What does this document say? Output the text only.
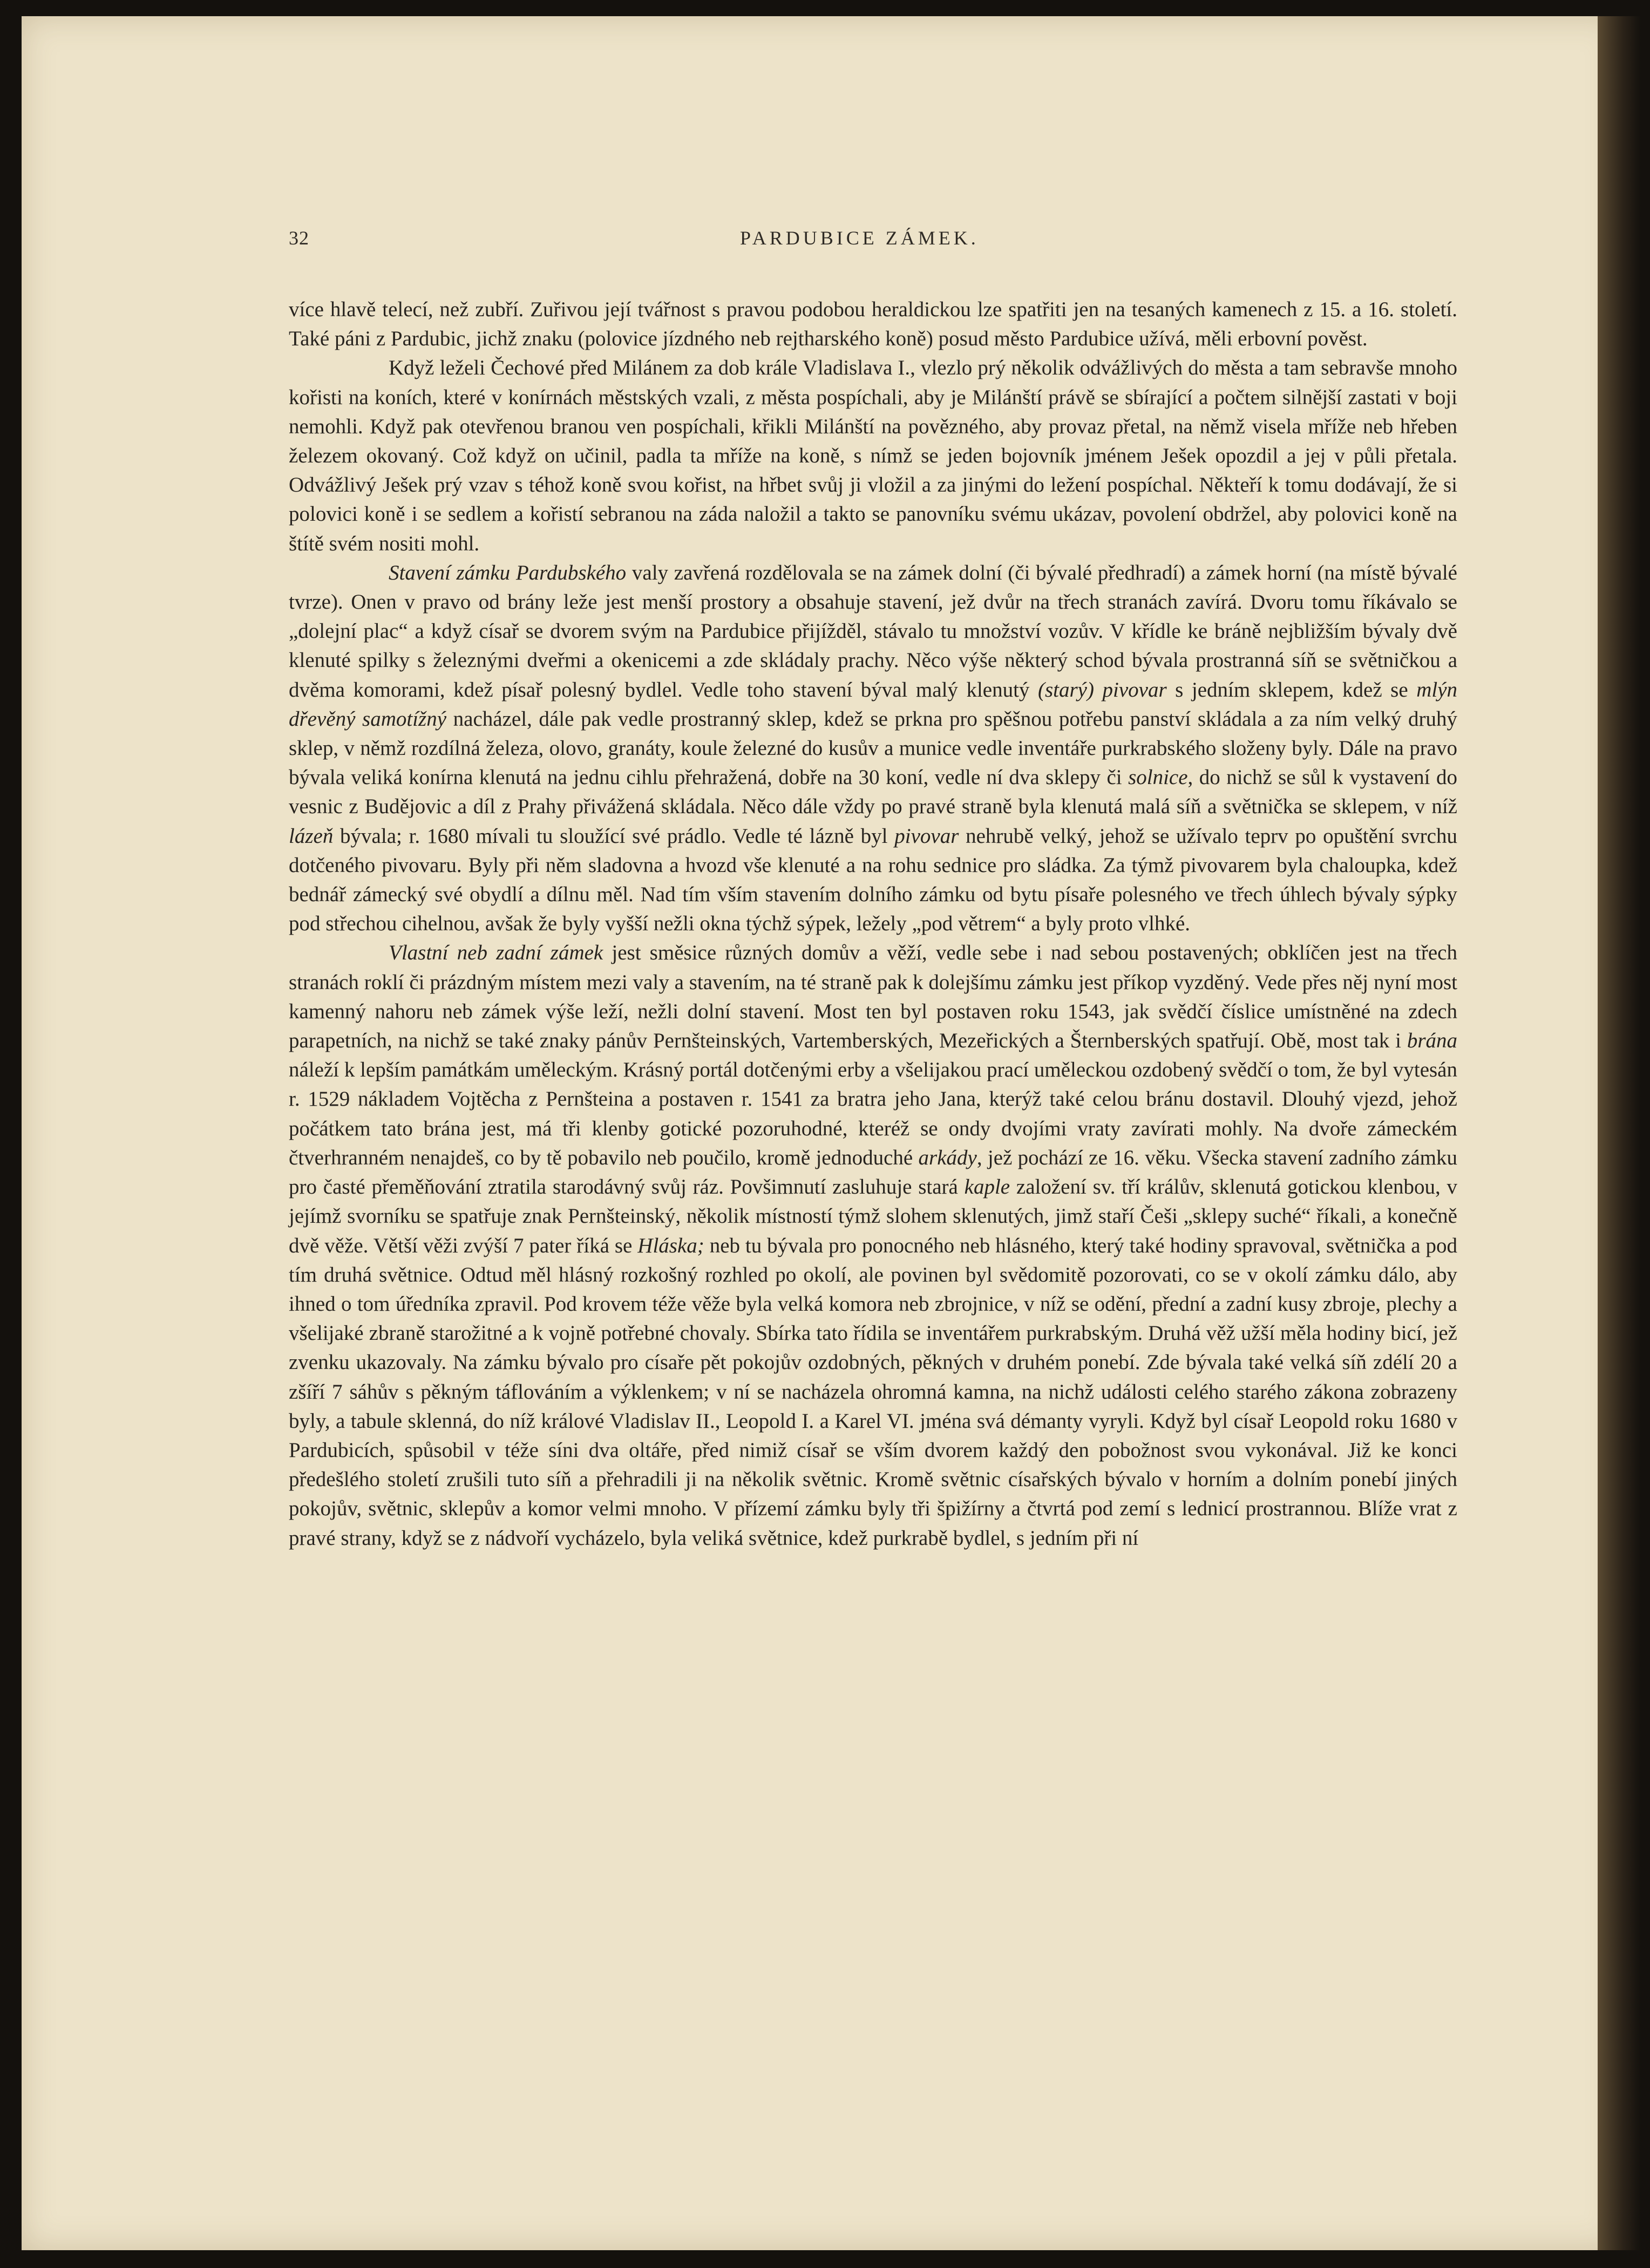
32	PARDUBICE ZÁMEK.

více hlavě telecí, než zubří. Zuřivou její tvářnost s pravou podobou heraldickou lze spatřiti jen na tesaných kamenech z 15. a 16. století. Také páni z Pardubic, jichž znaku (polovice jízdného neb rejtharského koně) posud město Pardubice užívá, měli erbovní pověst.

Když leželi Čechové před Milánem za dob krále Vladislava I., vlezlo prý několik odvážlivých do města a tam sebravše mnoho kořisti na koních, které v konírnách městských vzali, z města pospíchali, aby je Milánští právě se sbírající a počtem silnější zastati v boji nemohli. Když pak otevřenou branou ven pospíchali, křikli Milánští na povězného, aby provaz přetal, na němž visela mříže neb hřeben železem okovaný. Což když on učinil, padla ta mříže na koně, s nímž se jeden bojovník jménem Ješek opozdil a jej v půli přetala. Odvážlivý Ješek prý vzav s téhož koně svou kořist, na hřbet svůj ji vložil a za jinými do ležení pospíchal. Někteří k tomu dodávají, že si polovici koně i se sedlem a kořistí sebranou na záda naložil a takto se panovníku svému ukázav, povolení obdržel, aby polovici koně na štítě svém nositi mohl.

Stavení zámku Pardubského valy zavřená rozdělovala se na zámek dolní (či bývalé předhradí) a zámek horní (na místě bývalé tvrze). Onen v pravo od brány leže jest menší prostory a obsahuje stavení, jež dvůr na třech stranách zavírá. Dvoru tomu říkávalo se „dolejní plac“ a když císař se dvorem svým na Pardubice přijížděl, stávalo tu množství vozův. V křídle ke bráně nejbližším bývaly dvě klenuté spilky s železnými dveřmi a okenicemi a zde skládaly prachy. Něco výše některý schod bývala prostranná síň se světničkou a dvěma komorami, kdež písař polesný bydlel. Vedle toho stavení býval malý klenutý (starý) pivovar s jedním sklepem, kdež se mlýn dřevěný samotížný nacházel, dále pak vedle prostranný sklep, kdež se prkna pro spěšnou potřebu panství skládala a za ním velký druhý sklep, v němž rozdílná železa, olovo, granáty, koule železné do kusův a munice vedle inventáře purkrabského složeny byly. Dále na pravo bývala veliká konírna klenutá na jednu cihlu přehražená, dobře na 30 koní, vedle ní dva sklepy či solnice, do nichž se sůl k vystavení do vesnic z Budějovic a díl z Prahy přivážená skládala. Něco dále vždy po pravé straně byla klenutá malá síň a světnička se sklepem, v níž lázeň bývala; r. 1680 mívali tu sloužící své prádlo. Vedle té lázně byl pivovar nehrubě velký, jehož se užívalo teprv po opuštění svrchu dotčeného pivovaru. Byly při něm sladovna a hvozd vše klenuté a na rohu sednice pro sládka. Za týmž pivovarem byla chaloupka, kdež bednář zámecký své obydlí a dílnu měl. Nad tím vším stavením dolního zámku od bytu písaře polesného ve třech úhlech bývaly sýpky pod střechou cihelnou, avšak že byly vyšší nežli okna týchž sýpek, ležely „pod větrem“ a byly proto vlhké.

Vlastní neb zadní zámek jest směsice různých domův a věží, vedle sebe i nad sebou postavených; obklíčen jest na třech stranách roklí či prázdným místem mezi valy a stavením, na té straně pak k dolejšímu zámku jest příkop vyzděný. Vede přes něj nyní most kamenný nahoru neb zámek výše leží, nežli dolní stavení. Most ten byl postaven roku 1543, jak svědčí číslice umístněné na zdech parapetních, na nichž se také znaky pánův Pernšteinských, Vartemberských, Mezeřických a Šternberských spatřují. Obě, most tak i brána náleží k lepším památkám uměleckým. Krásný portál dotčenými erby a všelijakou prací uměleckou ozdobený svědčí o tom, že byl vytesán r. 1529 nákladem Vojtěcha z Pernšteina a postaven r. 1541 za bratra jeho Jana, kterýž také celou bránu dostavil. Dlouhý vjezd, jehož počátkem tato brána jest, má tři klenby gotické pozoruhodné, kteréž se ondy dvojími vraty zavírati mohly. Na dvoře zámeckém čtverhranném nenajdeš, co by tě pobavilo neb poučilo, kromě jednoduché arkády, jež pochází ze 16. věku. Všecka stavení zadního zámku pro časté přeměňování ztratila starodávný svůj ráz. Povšimnutí zasluhuje stará kaple založení sv. tří králův, sklenutá gotickou klenbou, v jejímž svorníku se spatřuje znak Pernšteinský, několik místností týmž slohem sklenutých, jimž staří Češi „sklepy suché“ říkali, a konečně dvě věže. Větší věži zvýší 7 pater říká se Hláska; neb tu bývala pro ponocného neb hlásného, který také hodiny spravoval, světnička a pod tím druhá světnice. Odtud měl hlásný rozkošný rozhled po okolí, ale povinen byl svědomitě pozorovati, co se v okolí zámku dálo, aby ihned o tom úředníka zpravil. Pod krovem téže věže byla velká komora neb zbrojnice, v níž se odění, přední a zadní kusy zbroje, plechy a všelijaké zbraně starožitné a k vojně potřebné chovaly. Sbírka tato řídila se inventářem purkrabským. Druhá věž užší měla hodiny bicí, jež zvenku ukazovaly. Na zámku bývalo pro císaře pět pokojův ozdobných, pěkných v druhém ponebí. Zde bývala také velká síň zdélí 20 a zšíří 7 sáhův s pěkným táflováním a výklenkem; v ní se nacházela ohromná kamna, na nichž události celého starého zákona zobrazeny byly, a tabule sklenná, do níž králové Vladislav II., Leopold I. a Karel VI. jména svá démanty vyryli. Když byl císař Leopold roku 1680 v Pardubicích, spůsobil v téže síni dva oltáře, před nimiž císař se vším dvorem každý den pobožnost svou vykonával. Již ke konci předešlého století zrušili tuto síň a přehradili ji na několik světnic. Kromě světnic císařských bývalo v horním a dolním ponebí jiných pokojův, světnic, sklepův a komor velmi mnoho. V přízemí zámku byly tři špižírny a čtvrtá pod zemí s lednicí prostrannou. Blíže vrat z pravé strany, když se z nádvoří vycházelo, byla veliká světnice, kdež purkrabě bydlel, s jedním při ní
